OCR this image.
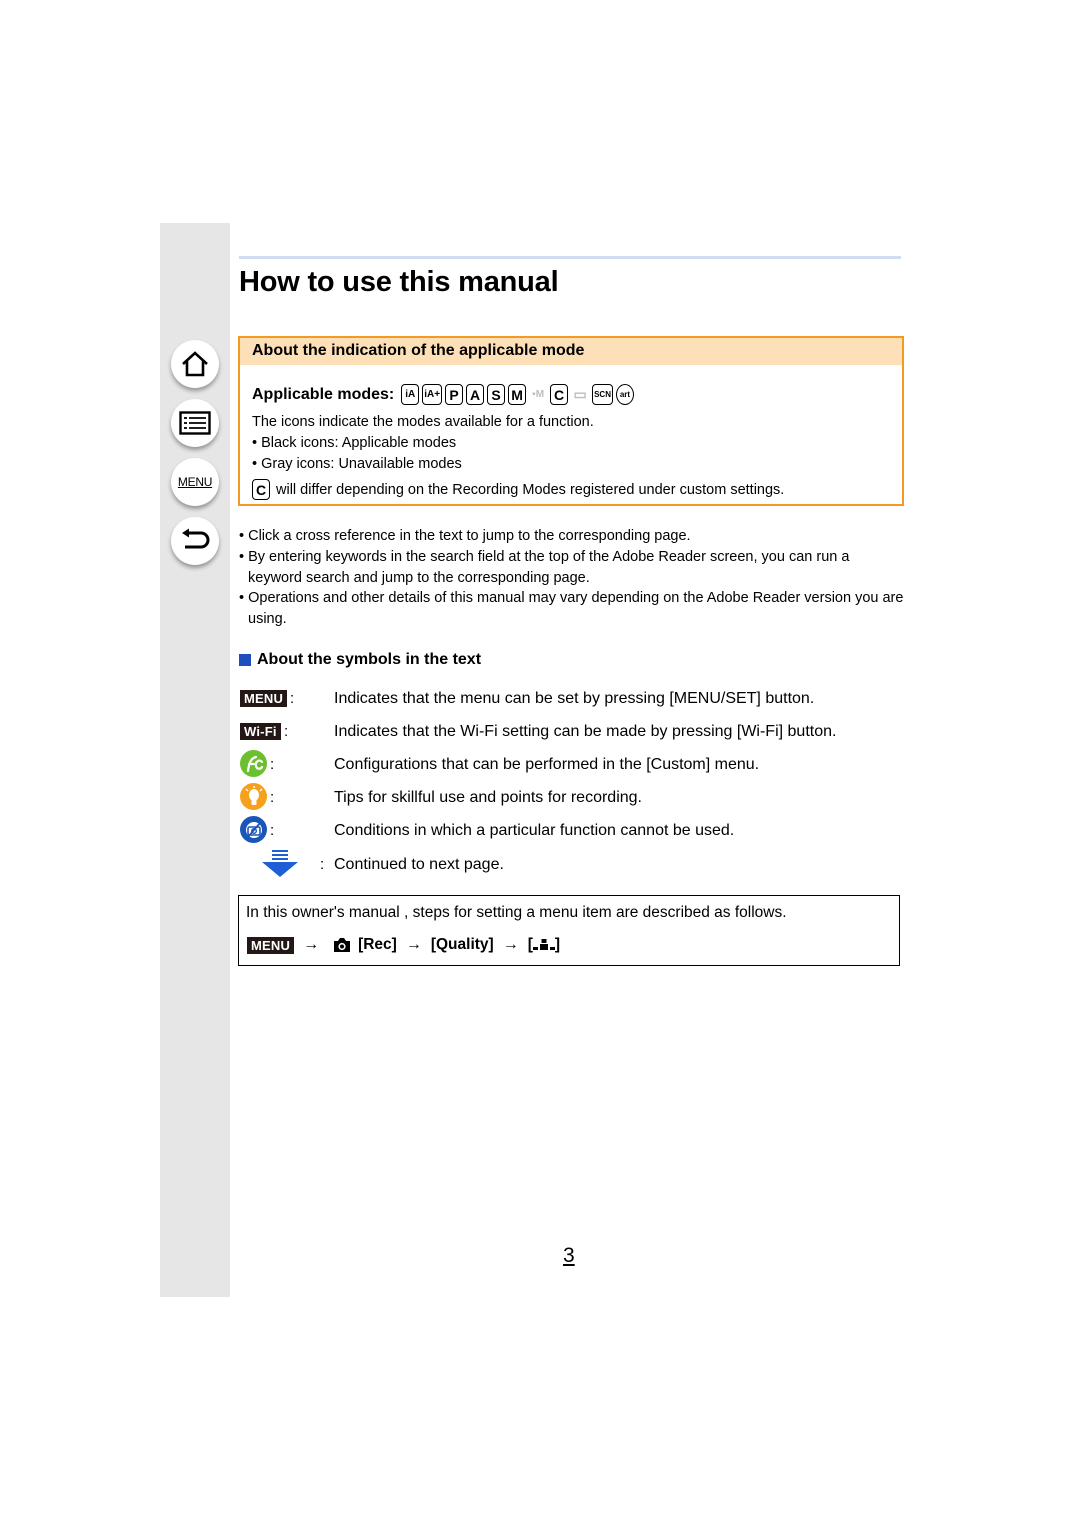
MENU
How to use this manual
About the indication of the applicable mode
Applicable modes:	iA iA+ P A S M ▪M C ▭ SCN	art
The icons indicate the modes available for a function.
• Black icons: Applicable modes
• Gray icons: Unavailable modes
C will differ depending on the Recording Modes registered under custom settings.
• Click a cross reference in the text to jump to the corresponding page.
• By entering keywords in the search field at the top of the Adobe Reader screen, you can run a keyword search and jump to the corresponding page.
• Operations and other details of this manual may vary depending on the Adobe Reader version you are using.
About the symbols in the text
MENU : Indicates that the menu can be set by pressing [MENU/SET] button.
Wi-Fi :	Indicates that the Wi-Fi setting can be made by pressing [Wi-Fi] button.
:	Configurations that can be performed in the [Custom] menu.
:	Tips for skillful use and points for recording.
:	Conditions in which a particular function cannot be used.
: Continued to next page.
In this owner's manual , steps for setting a menu item are described as follows.
MENU →	[Rec] → [Quality] → [ ]
3
